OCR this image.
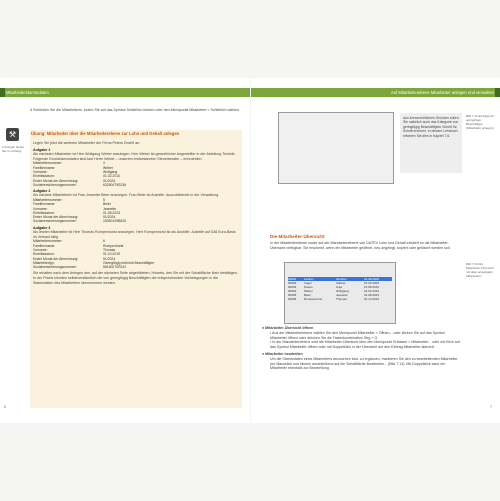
Mitarbeiterstammdaten	Auf Mitarbeiterebene Mitarbeiter anlegen und verwalten
4 Schließen Sie die Mitarbeiterin, indem Sie auf das Symbol Schließen klicken oder den Menüpunkt Mitarbeiter > Schließen wählen.
⚒
Lösungen finden Sie im Anhang
Übung: Mitarbeiter über die Mitarbeiterebene zur Lohn und Gehalt anlegen
Legen Sie jetzt die weiteren Mitarbeiter der Firma Peters GmbH an:
Aufgabe 1
Als nächsten Mitarbeiter ist Herr Wolfgang Weber anzulegen. Herr Weber ist gewerblicher Angestellter in der Abteilung Technik. Folgende Grundstammdaten sind laut Herrn Weber – unserem erstbekannten Steuerberater – erforderlich:
Mitarbeiternummer:	4
Familienname:	Weber
Vorname:	Wolfgang
Eintrittsdatum:	01.02.2010
Erster Monat der Abrechnung:	01/2024
Sozialversicherungsnummer:	63290479S236
Aufgabe 2
Als nächste Mitarbeiterin ist Frau Jeanette Beier anzulegen. Frau Beier ist Aushilfe. Auszubildende in der Verwaltung.
Mitarbeiternummer:	5
Familienname:	Beier
Vorname:	Jeanette
Eintrittsdatum:	01.08.2023
Erster Monat der Abrechnung:	01/2024
Sozialversicherungsnummer:	15050109B525
Aufgabe 3
Als letzten Mitarbeiter ist Herr Thomas Rumpenhorst anzulegen. Herr Rumpenhorst ist als Aushilfe. Aushilfe auf 538 Euro-Basis im Verkauf tätig.
Mitarbeiternummer:	6
Familienname:	Rumpenhorst
Vorname:	Thomas
Eintrittsdatum:	01.10.2019
Erster Monat der Abrechnung:	01/2024
Mitarbeitertyp:	Geringfügig entlohnt Beschäftigter
Sozialversicherungsnummer:	56150270R222
Sie erhalten nach dem Anlegen den, auf der nächsten Seite abgebildeten, Hinweis, den Sie mit der Schaltfläche Nein bestätigen. In der Praxis könnten selbstverständlich die von geringfügig Beschäftigten die entsprechenden Vorbelegungen in die Stammdaten des Mitarbeiters übernommen werden.
6
Aus lizenzrechtlichen Gründen sollen Sie natürlich auch das Kategorie von geringfügig Beschäftigten Schritt für Schritt erlernen, in diesem Lehrbuch erfahren Sie dies in Kapitel 7.6.
Bild 7.12 Einträge für geringfügig Beschäftigte (Mitarbeiter anlegen)
Die Mitarbeiter-Übersicht
In der Mitarbeiterebene sowie auf der Mandantenebene von DATEV Lohn und Gehalt existiert so die Mitarbeiter-Übersicht verfügbar. Sie erscheint, wenn ein Mitarbeiter geöffnet, neu angelegt, kopiert oder gelöscht werden soll.
00001	Fischer	Günther	01.08.2006
00002	Vogel	Sabine	01.09.2009
00003	Peters	Anja	15.08.2015
00004	Weber	Wolfgang	01.02.2010
00005	Beier	Jeanette	01.08.2023
00006	Rumpenhorst	Thomas	01.10.2019
Bild 7.13 Die Mitarbeiter-Übersicht mit allen angelegten Mitarbeitern
■ Mitarbeiter-Übersicht öffnen
• Aus der Mitarbeiterebene wählen Sie den Menüpunkt Mitarbeiter > Öffnen... oder klicken Sie auf das Symbol Mitarbeiter öffnen oder drücken Sie die Tastenkombination Strg + O.
• In der Mandantenebene wird die Mitarbeiter-Übersicht über den Menüpunkt Erfassen > Mitarbeiter... oder mit Klick auf das Symbol Mitarbeiter öffnen oder mit Doppelklick in der Übersicht auf den Eintrag Mitarbeiter aktiviert.
■ Mitarbeiter bearbeiten
Um die Stammdaten eines Mitarbeiters anzusehen bzw. zu ergänzen, markieren Sie den zu bearbeitenden Mitarbeiter per Mausklick und klicken anschließend auf die Schaltfläche Bearbeiten... (Bild 7.13). Mit Doppelklick kann ein Mitarbeiter ebenfalls zur Bearbeitung
7
